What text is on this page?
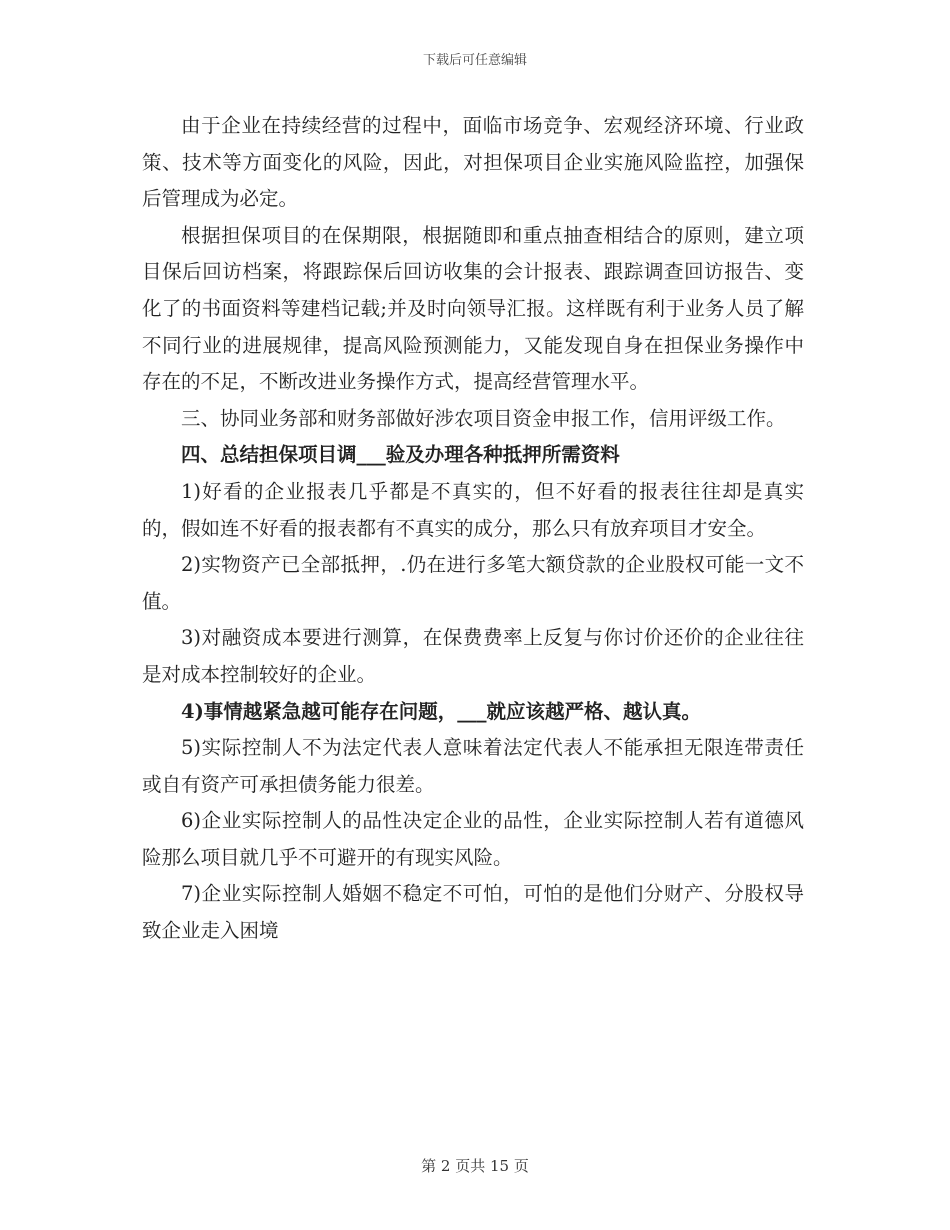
下载后可任意编辑

由于企业在持续经营的过程中，面临市场竞争、宏观经济环境、行业政策、技术等方面变化的风险，因此，对担保项目企业实施风险监控，加强保后管理成为必定。

根据担保项目的在保期限，根据随即和重点抽查相结合的原则，建立项目保后回访档案，将跟踪保后回访收集的会计报表、跟踪调查回访报告、变化了的书面资料等建档记载;并及时向领导汇报。这样既有利于业务人员了解不同行业的进展规律，提高风险预测能力，又能发现自身在担保业务操作中存在的不足，不断改进业务操作方式，提高经营管理水平。

三、协同业务部和财务部做好涉农项目资金申报工作，信用评级工作。

四、总结担保项目调___验及办理各种抵押所需资料

1)好看的企业报表几乎都是不真实的，但不好看的报表往往却是真实的，假如连不好看的报表都有不真实的成分，那么只有放弃项目才安全。

2)实物资产已全部抵押，.仍在进行多笔大额贷款的企业股权可能一文不值。

3)对融资成本要进行测算，在保费费率上反复与你讨价还价的企业往往是对成本控制较好的企业。

4)事情越紧急越可能存在问题，___就应该越严格、越认真。

5)实际控制人不为法定代表人意味着法定代表人不能承担无限连带责任或自有资产可承担债务能力很差。

6)企业实际控制人的品性决定企业的品性，企业实际控制人若有道德风险那么项目就几乎不可避开的有现实风险。

7)企业实际控制人婚姻不稳定不可怕，可怕的是他们分财产、分股权导致企业走入困境

第 2 页共 15 页
